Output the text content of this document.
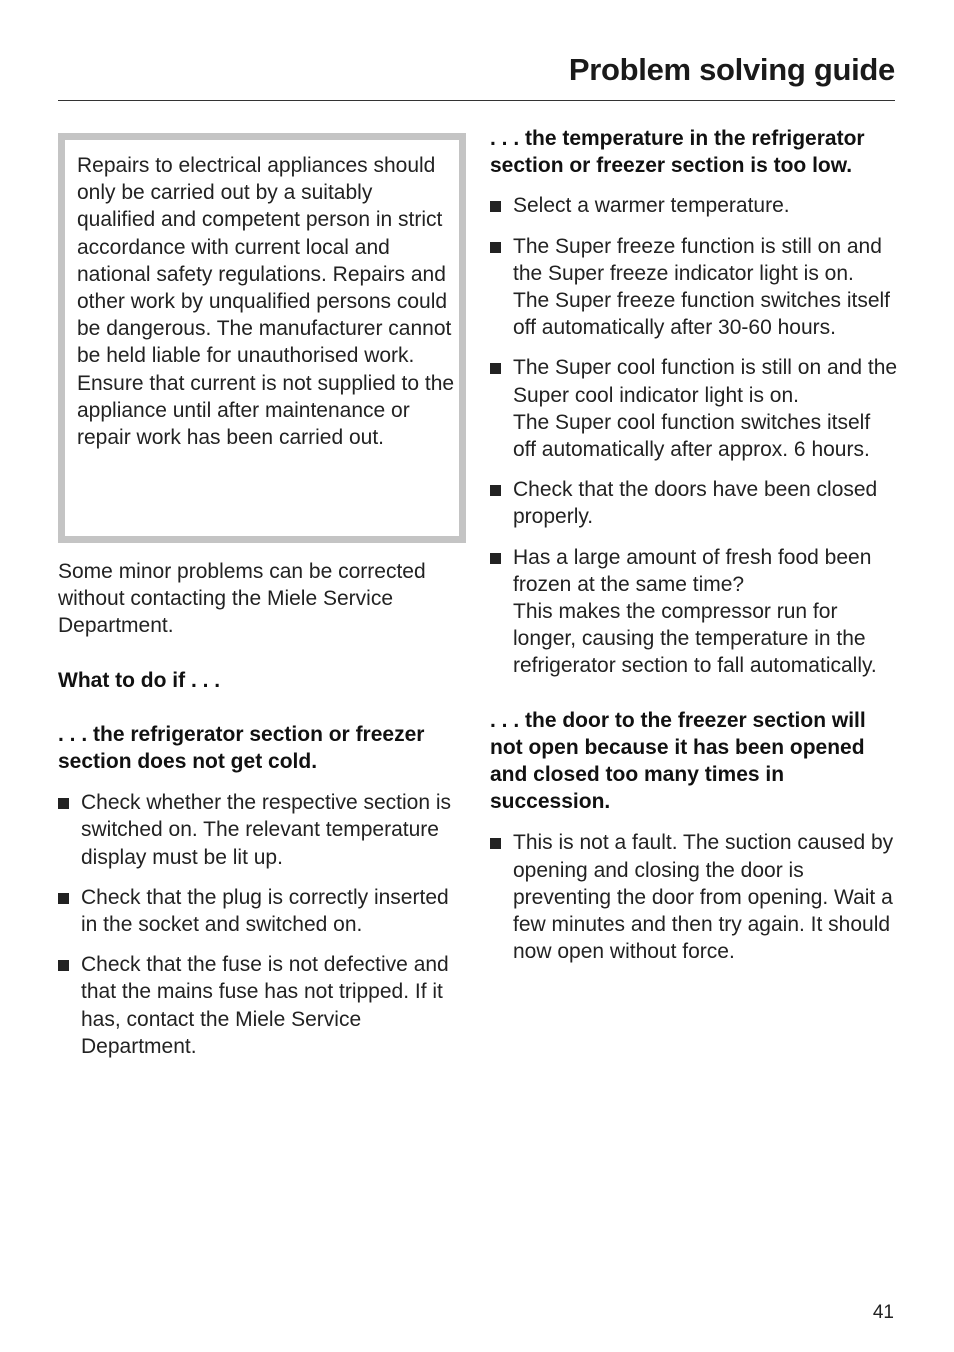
Problem solving guide
Repairs to electrical appliances should only be carried out by a suitably qualified and competent person in strict accordance with current local and national safety regulations. Repairs and other work by unqualified persons could be dangerous. The manufacturer cannot be held liable for unauthorised work.
Ensure that current is not supplied to the appliance until after maintenance or repair work has been carried out.

Some minor problems can be corrected without contacting the Miele Service Department.

What to do if . . .

. . . the refrigerator section or freezer section does not get cold.

Check whether the respective section is switched on. The relevant temperature display must be lit up.
Check that the plug is correctly inserted in the socket and switched on.
Check that the fuse is not defective and that the mains fuse has not tripped. If it has, contact the Miele Service Department.

. . . the temperature in the refrigerator section or freezer section is too low.

Select a warmer temperature.
The Super freeze function is still on and the Super freeze indicator light is on.
The Super freeze function switches itself off automatically after 30-60 hours.
The Super cool function is still on and the Super cool indicator light is on.
The Super cool function switches itself off automatically after approx. 6 hours.
Check that the doors have been closed properly.
Has a large amount of fresh food been frozen at the same time?
This makes the compressor run for longer, causing the temperature in the refrigerator section to fall automatically.

. . . the door to the freezer section will not open because it has been opened and closed too many times in succession.

This is not a fault. The suction caused by opening and closing the door is preventing the door from opening. Wait a few minutes and then try again. It should now open without force.
41
